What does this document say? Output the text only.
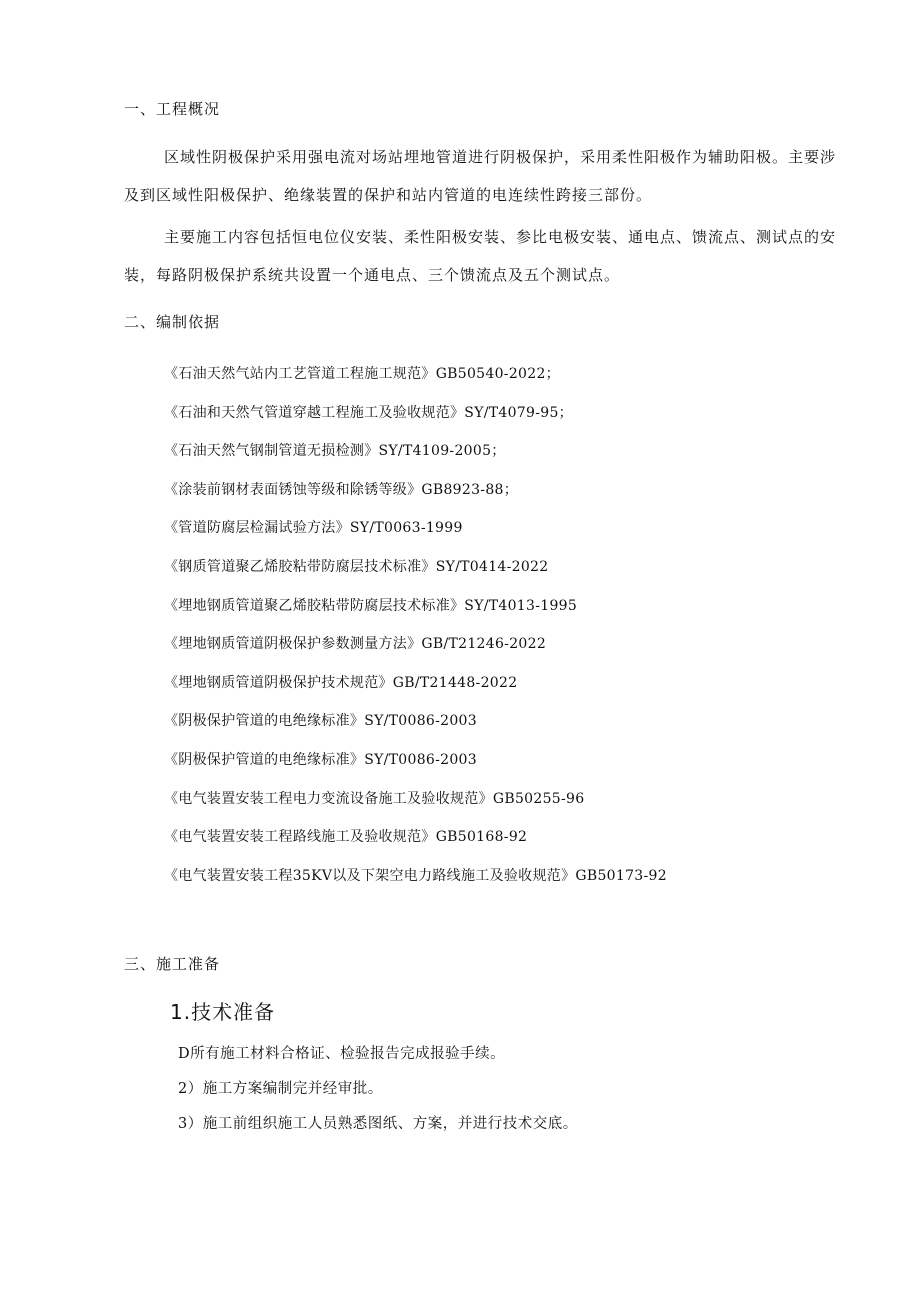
一、工程概况

区域性阴极保护采用强电流对场站埋地管道进行阴极保护，采用柔性阳极作为辅助阳极。主要涉及到区域性阳极保护、绝缘装置的保护和站内管道的电连续性跨接三部份。

主要施工内容包括恒电位仪安装、柔性阳极安装、参比电极安装、通电点、馈流点、测试点的安装，每路阴极保护系统共设置一个通电点、三个馈流点及五个测试点。

二、编制依据
《石油天然气站内工艺管道工程施工规范》GB50540-2022；
《石油和天然气管道穿越工程施工及验收规范》SY/T4079-95；
《石油天然气钢制管道无损检测》SY/T4109-2005；
《涂装前钢材表面锈蚀等级和除锈等级》GB8923-88；
《管道防腐层检漏试验方法》SY/T0063-1999
《钢质管道聚乙烯胶粘带防腐层技术标准》SY/T0414-2022
《埋地钢质管道聚乙烯胶粘带防腐层技术标准》SY/T4013-1995
《埋地钢质管道阴极保护参数测量方法》GB/T21246-2022
《埋地钢质管道阴极保护技术规范》GB/T21448-2022
《阴极保护管道的电绝缘标准》SY/T0086-2003
《阴极保护管道的电绝缘标准》SY/T0086-2003
《电气装置安装工程电力变流设备施工及验收规范》GB50255-96
《电气装置安装工程路线施工及验收规范》GB50168-92
《电气装置安装工程35KV以及下架空电力路线施工及验收规范》GB50173-92
三、施工准备
1.技术准备
D所有施工材料合格证、检验报告完成报验手续。
2）施工方案编制完并经审批。
3）施工前组织施工人员熟悉图纸、方案，并进行技术交底。
